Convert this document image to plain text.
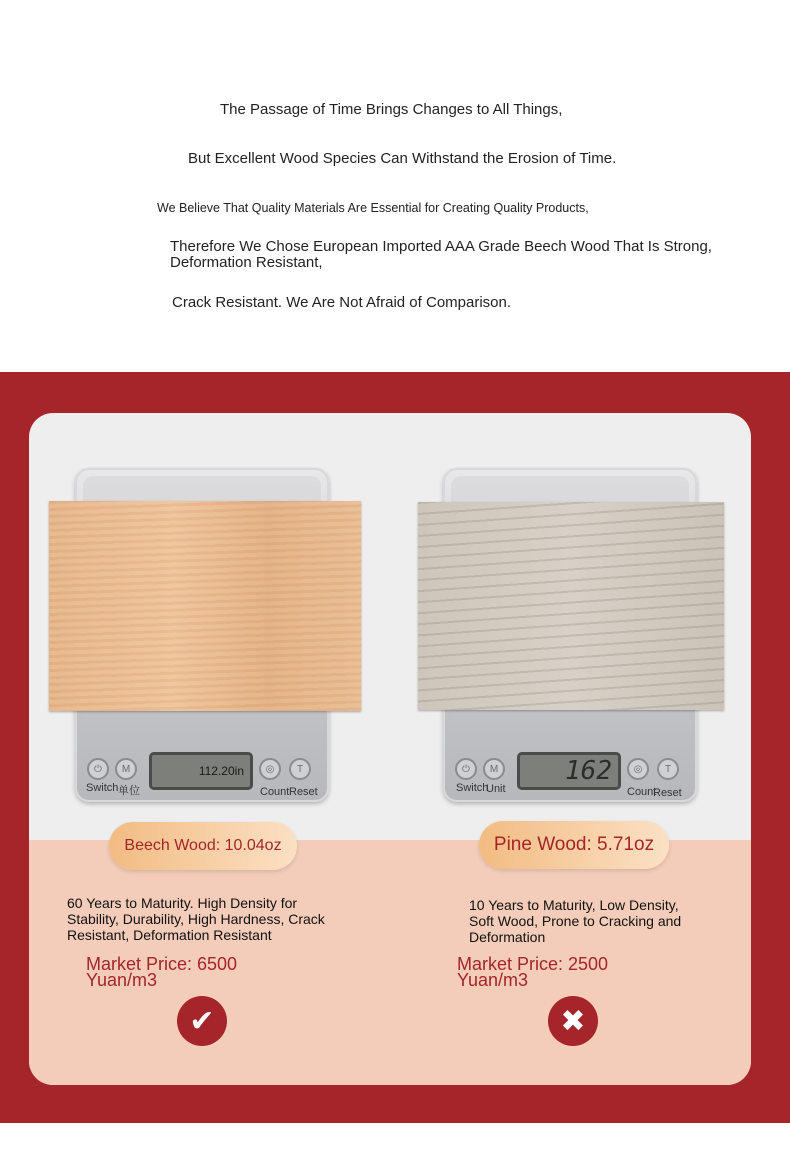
The Passage of Time Brings Changes to All Things,

But Excellent Wood Species Can Withstand the Erosion of Time.

We Believe That Quality Materials Are Essential for Creating Quality Products,

Therefore We Chose European Imported AAA Grade Beech Wood That Is Strong, Deformation Resistant,

Crack Resistant. We Are Not Afraid of Comparison.

112.20in
⏻	M	◎	T
Switch 单位	Count Reset
162
⏻	M	◎	T
Switch
Unit	Count
Reset
Beech Wood: 10.04oz	Pine Wood: 5.71oz

60 Years to Maturity. High Density for Stability, Durability, High Hardness, Crack Resistant, Deformation Resistant

10 Years to Maturity, Low Density, Soft Wood, Prone to Cracking and Deformation

Market Price: 6500 Yuan/m3

Market Price: 2500 Yuan/m3

✔	✖
